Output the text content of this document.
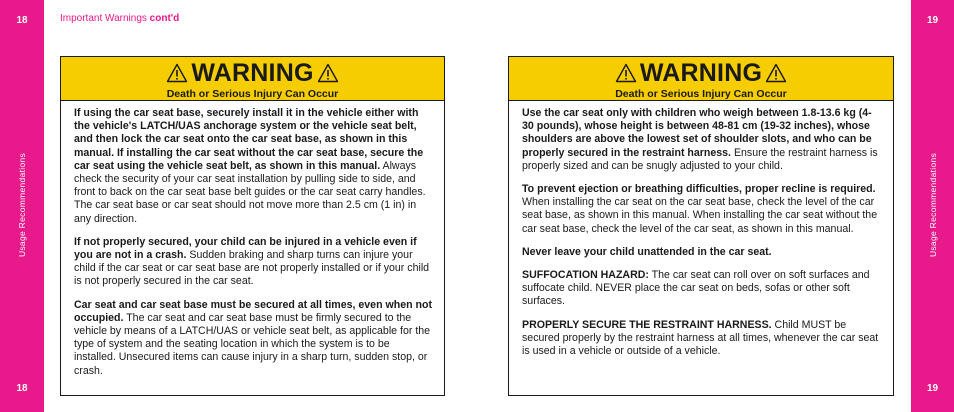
18
Usage Recommendations
18
19
Usage Recommendations
19
Important Warnings cont'd
WARNING
Death or Serious Injury Can Occur

If using the car seat base, securely install it in the vehicle either with the vehicle's LATCH/UAS anchorage system or the vehicle seat belt, and then lock the car seat onto the car seat base, as shown in this manual. If installing the car seat without the car seat base, secure the car seat using the vehicle seat belt, as shown in this manual. Always check the security of your car seat installation by pulling side to side, and front to back on the car seat base belt guides or the car seat carry handles. The car seat base or car seat should not move more than 2.5 cm (1 in) in any direction.

If not properly secured, your child can be injured in a vehicle even if you are not in a crash. Sudden braking and sharp turns can injure your child if the car seat or car seat base are not properly installed or if your child is not properly secured in the car seat.

Car seat and car seat base must be secured at all times, even when not occupied. The car seat and car seat base must be firmly secured to the vehicle by means of a LATCH/UAS or vehicle seat belt, as applicable for the type of system and the seating location in which the system is to be installed. Unsecured items can cause injury in a sharp turn, sudden stop, or crash.

WARNING
Death or Serious Injury Can Occur

Use the car seat only with children who weigh between 1.8-13.6 kg (4-30 pounds), whose height is between 48-81 cm (19-32 inches), whose shoulders are above the lowest set of shoulder slots, and who can be properly secured in the restraint harness. Ensure the restraint harness is properly sized and can be snugly adjusted to your child.

To prevent ejection or breathing difficulties, proper recline is required. When installing the car seat on the car seat base, check the level of the car seat base, as shown in this manual. When installing the car seat without the car seat base, check the level of the car seat, as shown in this manual.

Never leave your child unattended in the car seat.

SUFFOCATION HAZARD: The car seat can roll over on soft surfaces and suffocate child. NEVER place the car seat on beds, sofas or other soft surfaces.

PROPERLY SECURE THE RESTRAINT HARNESS. Child MUST be secured properly by the restraint harness at all times, whenever the car seat is used in a vehicle or outside of a vehicle.
